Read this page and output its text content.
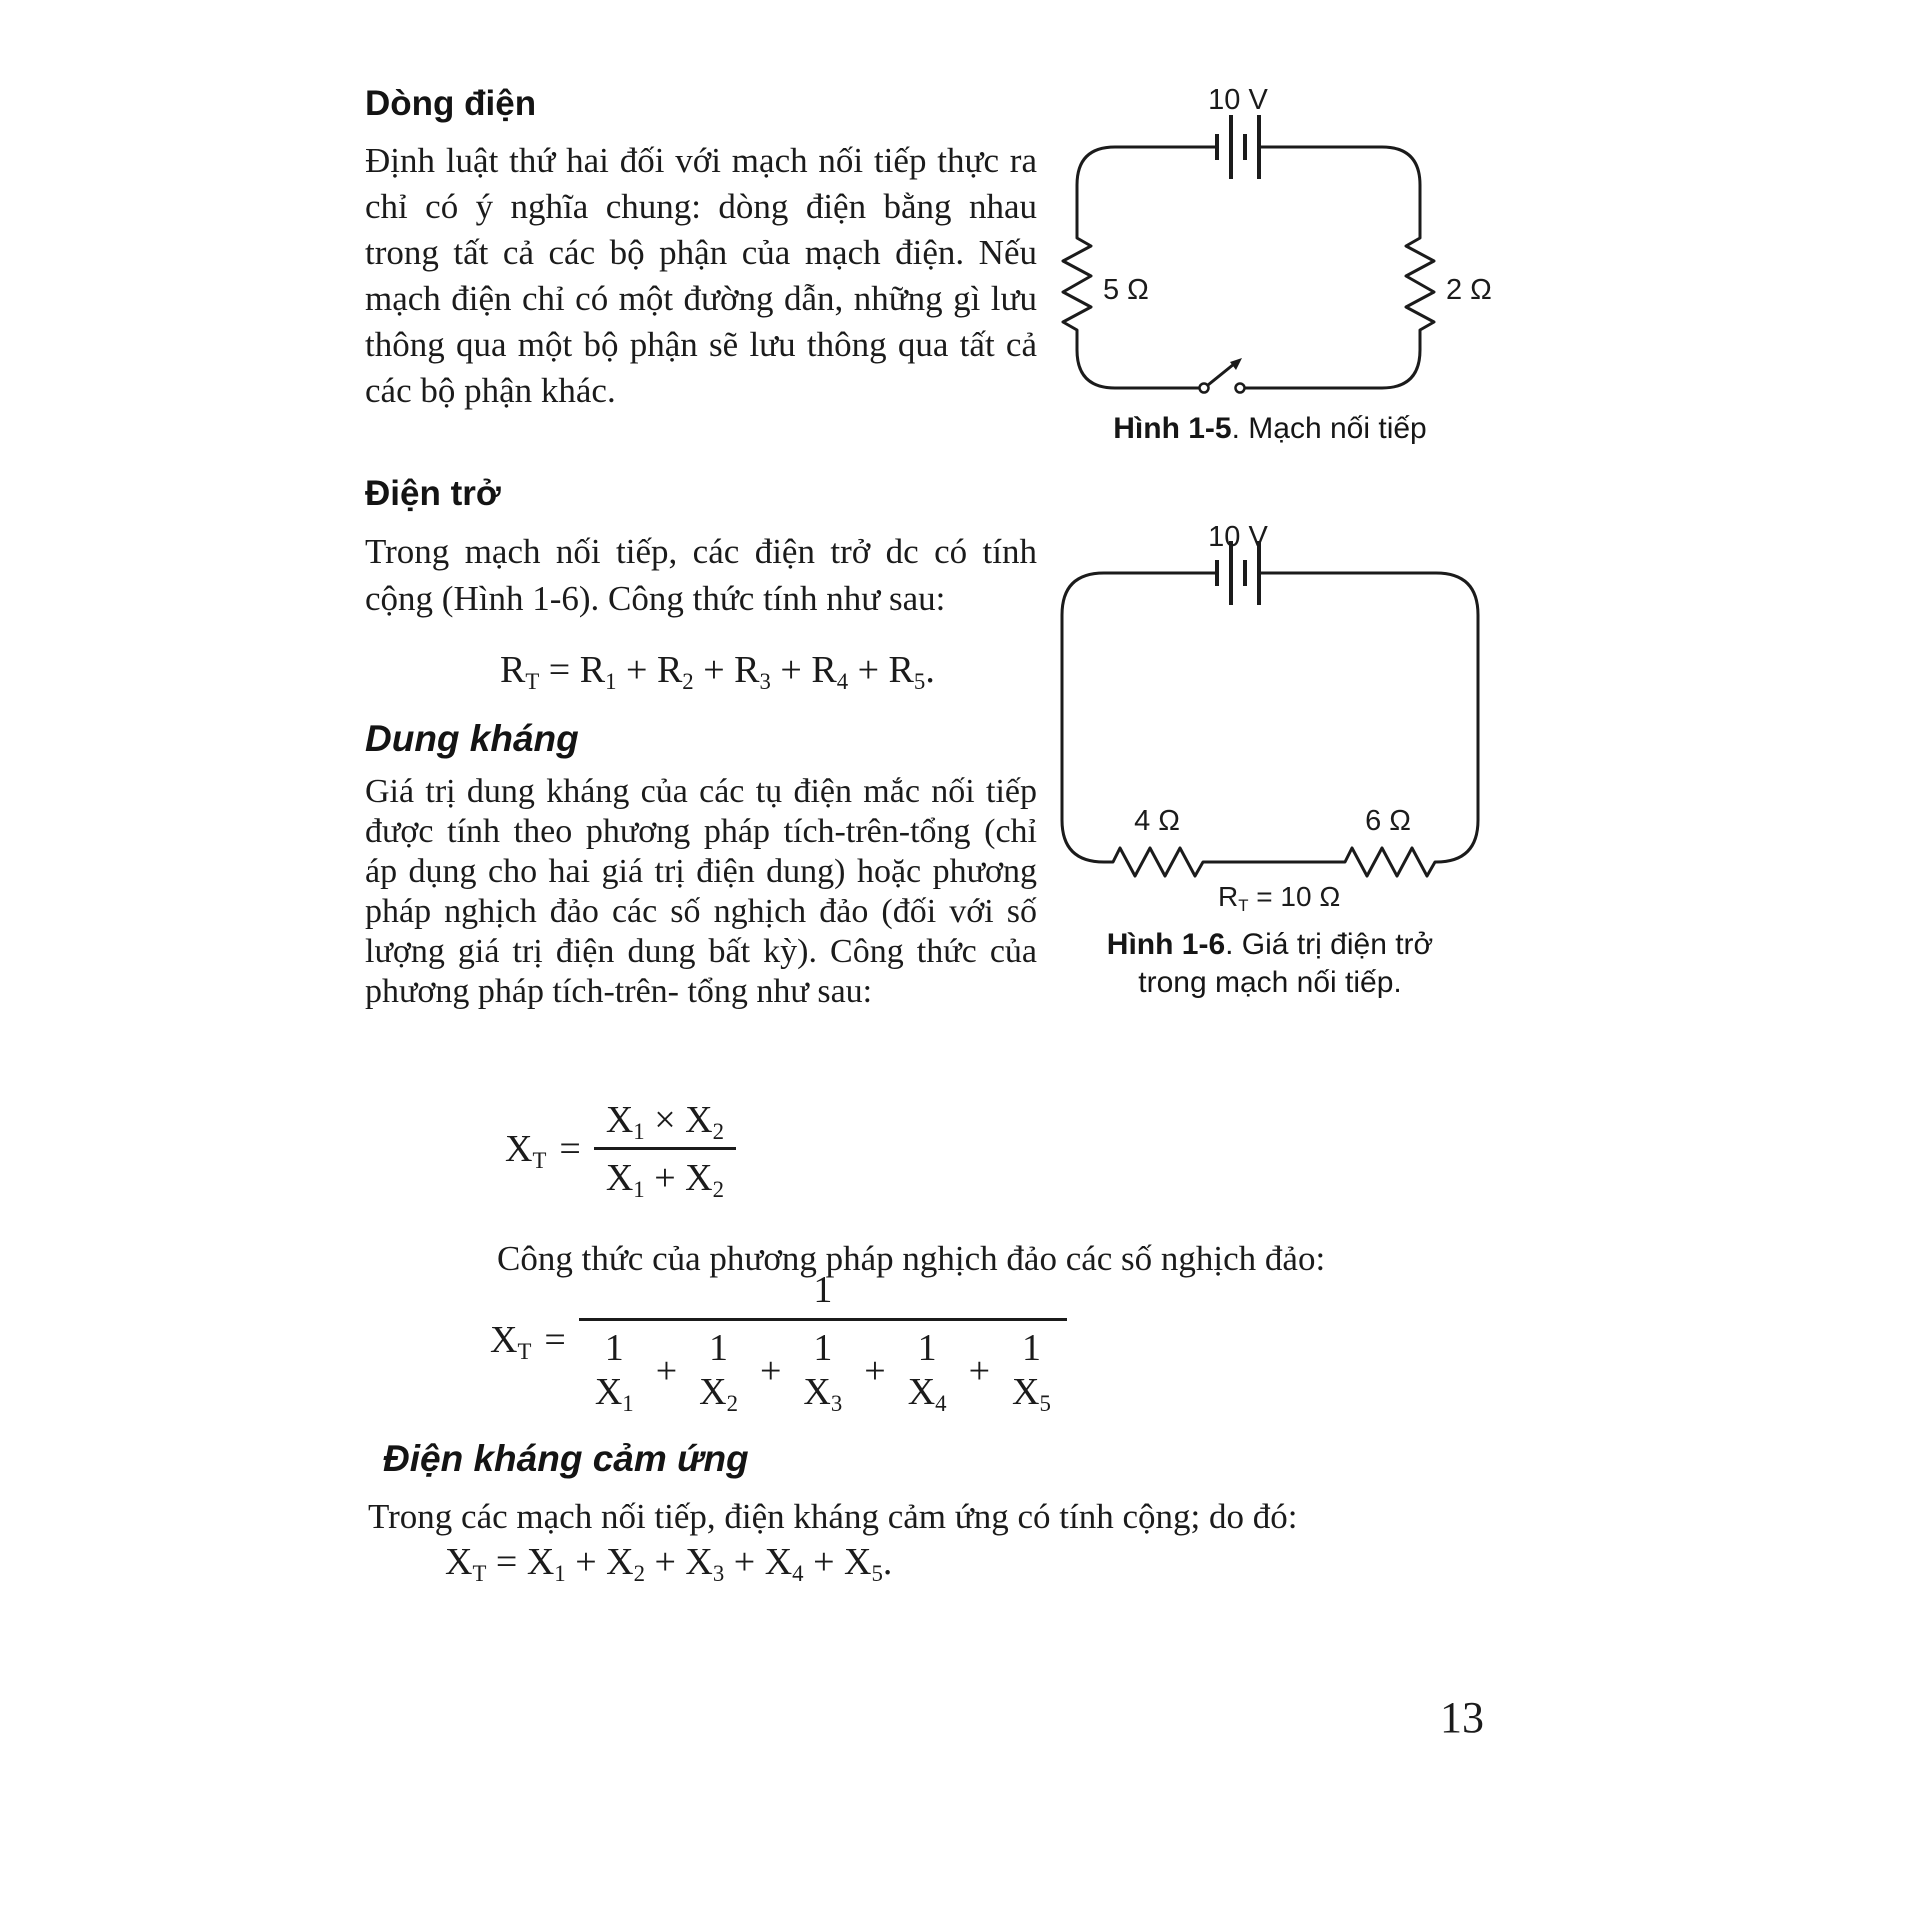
Dòng điện
Định luật thứ hai đối với mạch nối tiếp thực ra chỉ có ý nghĩa chung: dòng điện bằng nhau trong tất cả các bộ phận của mạch điện. Nếu mạch điện chỉ có một đường dẫn, những gì lưu thông qua một bộ phận sẽ lưu thông qua tất cả các bộ phận khác.
10 V
5 Ω	2 Ω
Hình 1-5. Mạch nối tiếp
Điện trở
Trong mạch nối tiếp, các điện trở dc có tính cộng (Hình 1-6). Công thức tính như sau:
$R_T = R_1 + R_2 + R_3 + R_4 + R_5$.
Dung kháng
Giá trị dung kháng của các tụ điện mắc nối tiếp được tính theo phương pháp tích-trên-tổng (chỉ áp dụng cho hai giá trị điện dung) hoặc phương pháp nghịch đảo các số nghịch đảo (đối với số lượng giá trị điện dung bất kỳ). Công thức của phương pháp tích-trên- tổng như sau:
10 V
4 Ω	6 Ω
$R_T = 10$ Ω
Hình 1-6. Giá trị điện trở
trong mạch nối tiếp.
$X_T = \frac{X_1 \times X_2}{X_1 + X_2}$
Công thức của phương pháp nghịch đảo các số nghịch đảo:
$X_T$ =
1
1
$X_1$
+
1
$X_2$
+
1
$X_3$
+
1
$X_4$
+
1
$X_5$
Điện kháng cảm ứng
Trong các mạch nối tiếp, điện kháng cảm ứng có tính cộng; do đó:
$X_T = X_1 + X_2 + X_3 + X_4 + X_5$.
13
